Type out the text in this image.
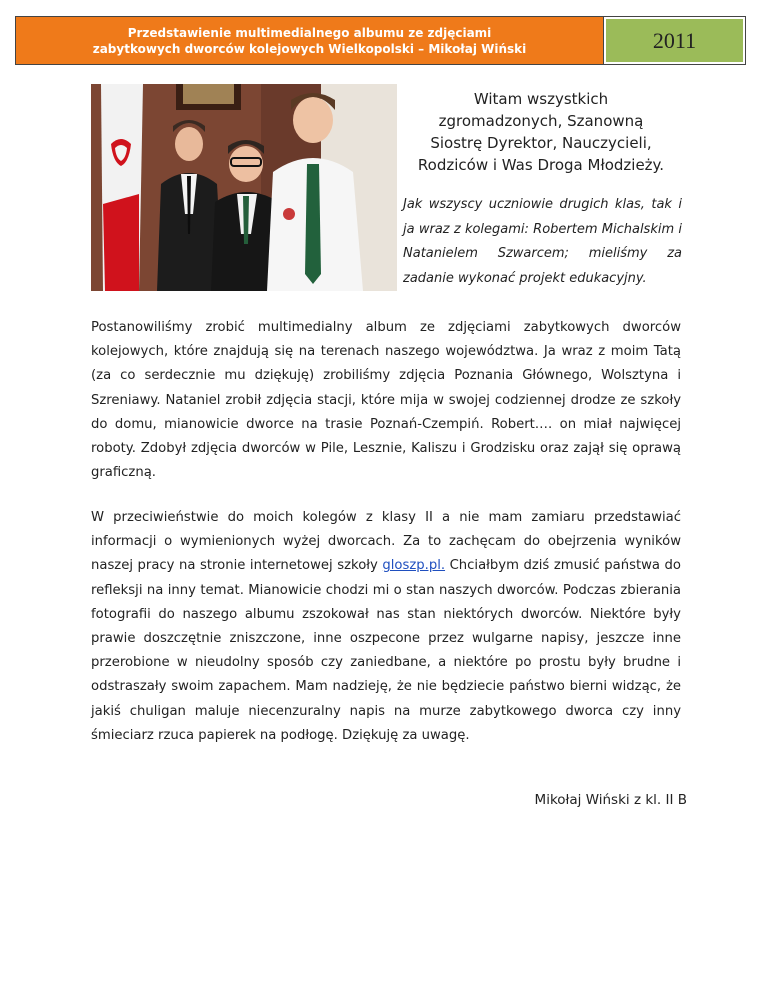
Przedstawienie multimedialnego albumu ze zdjęciami
zabytkowych dworców kolejowych Wielkopolski – Mikołaj Wiński	2011
Witam wszystkich
zgromadzonych, Szanowną
Siostrę Dyrektor, Nauczycieli,
Rodziców i Was Droga Młodzieży.
Jak wszyscy uczniowie drugich klas, tak i ja wraz z kolegami: Robertem Michalskim i Natanielem Szwarcem; mieliśmy za zadanie wykonać projekt edukacyjny.
Postanowiliśmy zrobić multimedialny album ze zdjęciami zabytkowych dworców kolejowych, które znajdują się na terenach naszego województwa. Ja wraz z moim Tatą (za co serdecznie mu dziękuję) zrobiliśmy zdjęcia Poznania Głównego, Wolsztyna i Szreniawy. Nataniel zrobił zdjęcia stacji, które mija w swojej codziennej drodze ze szkoły do domu, mianowicie dworce na trasie Poznań-Czempiń. Robert…. on miał najwięcej roboty. Zdobył zdjęcia dworców w Pile, Lesznie, Kaliszu i Grodzisku oraz zajął się oprawą graficzną.
W przeciwieństwie do moich kolegów z klasy II a nie mam zamiaru przedstawiać informacji o wymienionych wyżej dworcach. Za to zachęcam do obejrzenia wyników naszej pracy na stronie internetowej szkoły gloszp.pl. Chciałbym dziś zmusić państwa do refleksji na inny temat. Mianowicie chodzi mi o stan naszych dworców. Podczas zbierania fotografii do naszego albumu zszokował nas stan niektórych dworców. Niektóre były prawie doszczętnie zniszczone, inne oszpecone przez wulgarne napisy, jeszcze inne przerobione w nieudolny sposób czy zaniedbane, a niektóre po prostu były brudne i odstraszały swoim zapachem. Mam nadzieję, że nie będziecie państwo bierni widząc, że jakiś chuligan maluje niecenzuralny napis na murze zabytkowego dworca czy inny śmieciarz rzuca papierek na podłogę. Dziękuję za uwagę.
Mikołaj Wiński z kl. II B
